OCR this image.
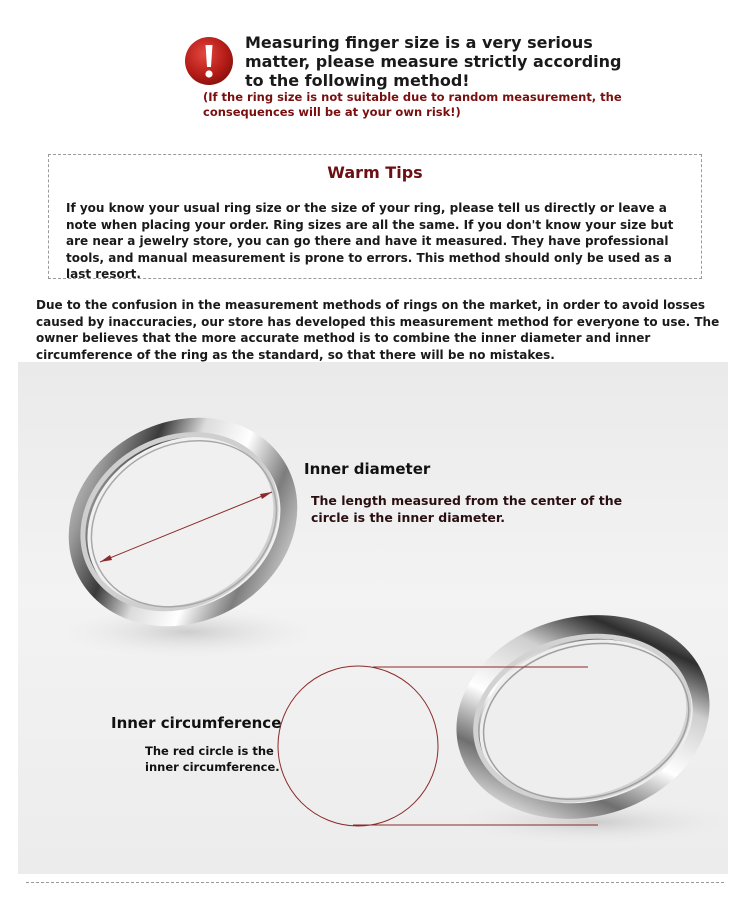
Measuring finger size is a very serious matter, please measure strictly according to the following method!
(If the ring size is not suitable due to random measurement, the consequences will be at your own risk!)
Warm Tips
If you know your usual ring size or the size of your ring, please tell us directly or leave a note when placing your order. Ring sizes are all the same. If you don't know your size but are near a jewelry store, you can go there and have it measured. They have professional tools, and manual measurement is prone to errors. This method should only be used as a last resort.
Due to the confusion in the measurement methods of rings on the market, in order to avoid losses caused by inaccuracies, our store has developed this measurement method for everyone to use. The owner believes that the more accurate method is to combine the inner diameter and inner circumference of the ring as the standard, so that there will be no mistakes.
Inner diameter
The length measured from the center of the circle is the inner diameter.
Inner circumference
The red circle is the inner circumference.
